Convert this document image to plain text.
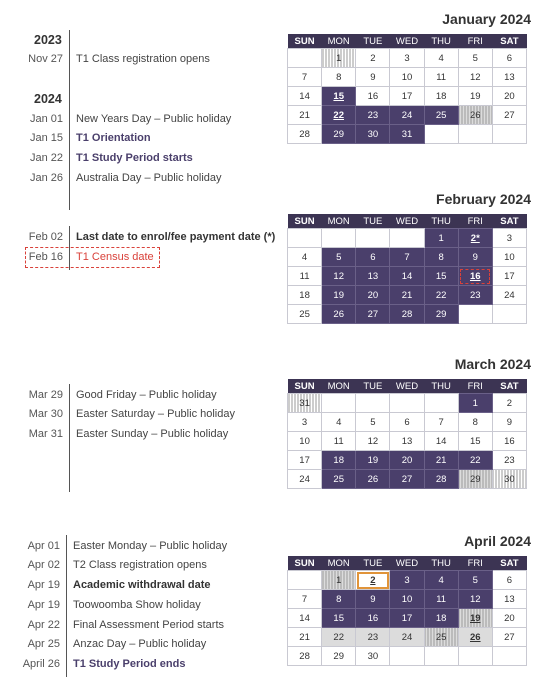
2023
2024
Nov 27 T1 Class registration opens
Jan 01 New Years Day – Public holiday
Jan 15 T1 Orientation
Jan 22 T1 Study Period starts
Jan 26 Australia Day – Public holiday
Feb 02 Last date to enrol/fee payment date (*)
Feb 16 T1 Census date
Mar 29 Good Friday – Public holiday
Mar 30 Easter Saturday – Public holiday
Mar 31 Easter Sunday – Public holiday
Apr 01 Easter Monday – Public holiday
Apr 02 T2 Class registration opens
Apr 19 Academic withdrawal date
Apr 19 Toowoomba Show holiday
Apr 22 Final Assessment Period starts
Apr 25 Anzac Day – Public holiday
April 26 T1 Study Period ends
January 2024
SUN	MON	TUE	WED	THU	FRI	SAT
	1	2	3	4	5	6
7	8	9	10	11	12	13
14	15	16	17	18	19	20
21	22	23	24	25	26	27
28	29	30	31			
February 2024
SUN	MON	TUE	WED	THU	FRI	SAT
				1	2*	3
4	5	6	7	8	9	10
11	12	13	14	15	16	17
18	19	20	21	22	23	24
25	26	27	28	29		
March 2024
SUN	MON	TUE	WED	THU	FRI	SAT
31					1	2
3	4	5	6	7	8	9
10	11	12	13	14	15	16
17	18	19	20	21	22	23
24	25	26	27	28	29	30
April 2024
SUN	MON	TUE	WED	THU	FRI	SAT
	1	2	3	4	5	6
7	8	9	10	11	12	13
14	15	16	17	18	19	20
21	22	23	24	25	26	27
28	29	30				
